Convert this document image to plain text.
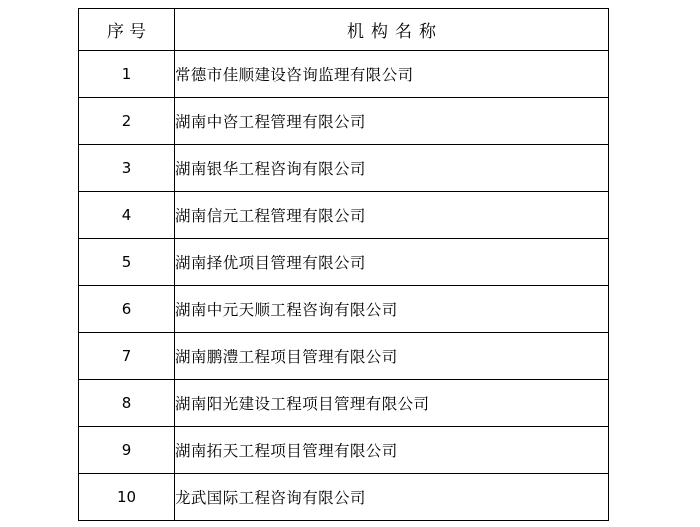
序号	机构名称
1	常德市佳顺建设咨询监理有限公司
2	湖南中咨工程管理有限公司
3	湖南银华工程咨询有限公司
4	湖南信元工程管理有限公司
5	湖南择优项目管理有限公司
6	湖南中元天顺工程咨询有限公司
7	湖南鹏澧工程项目管理有限公司
8	湖南阳光建设工程项目管理有限公司
9	湖南拓天工程项目管理有限公司
10	龙武国际工程咨询有限公司
